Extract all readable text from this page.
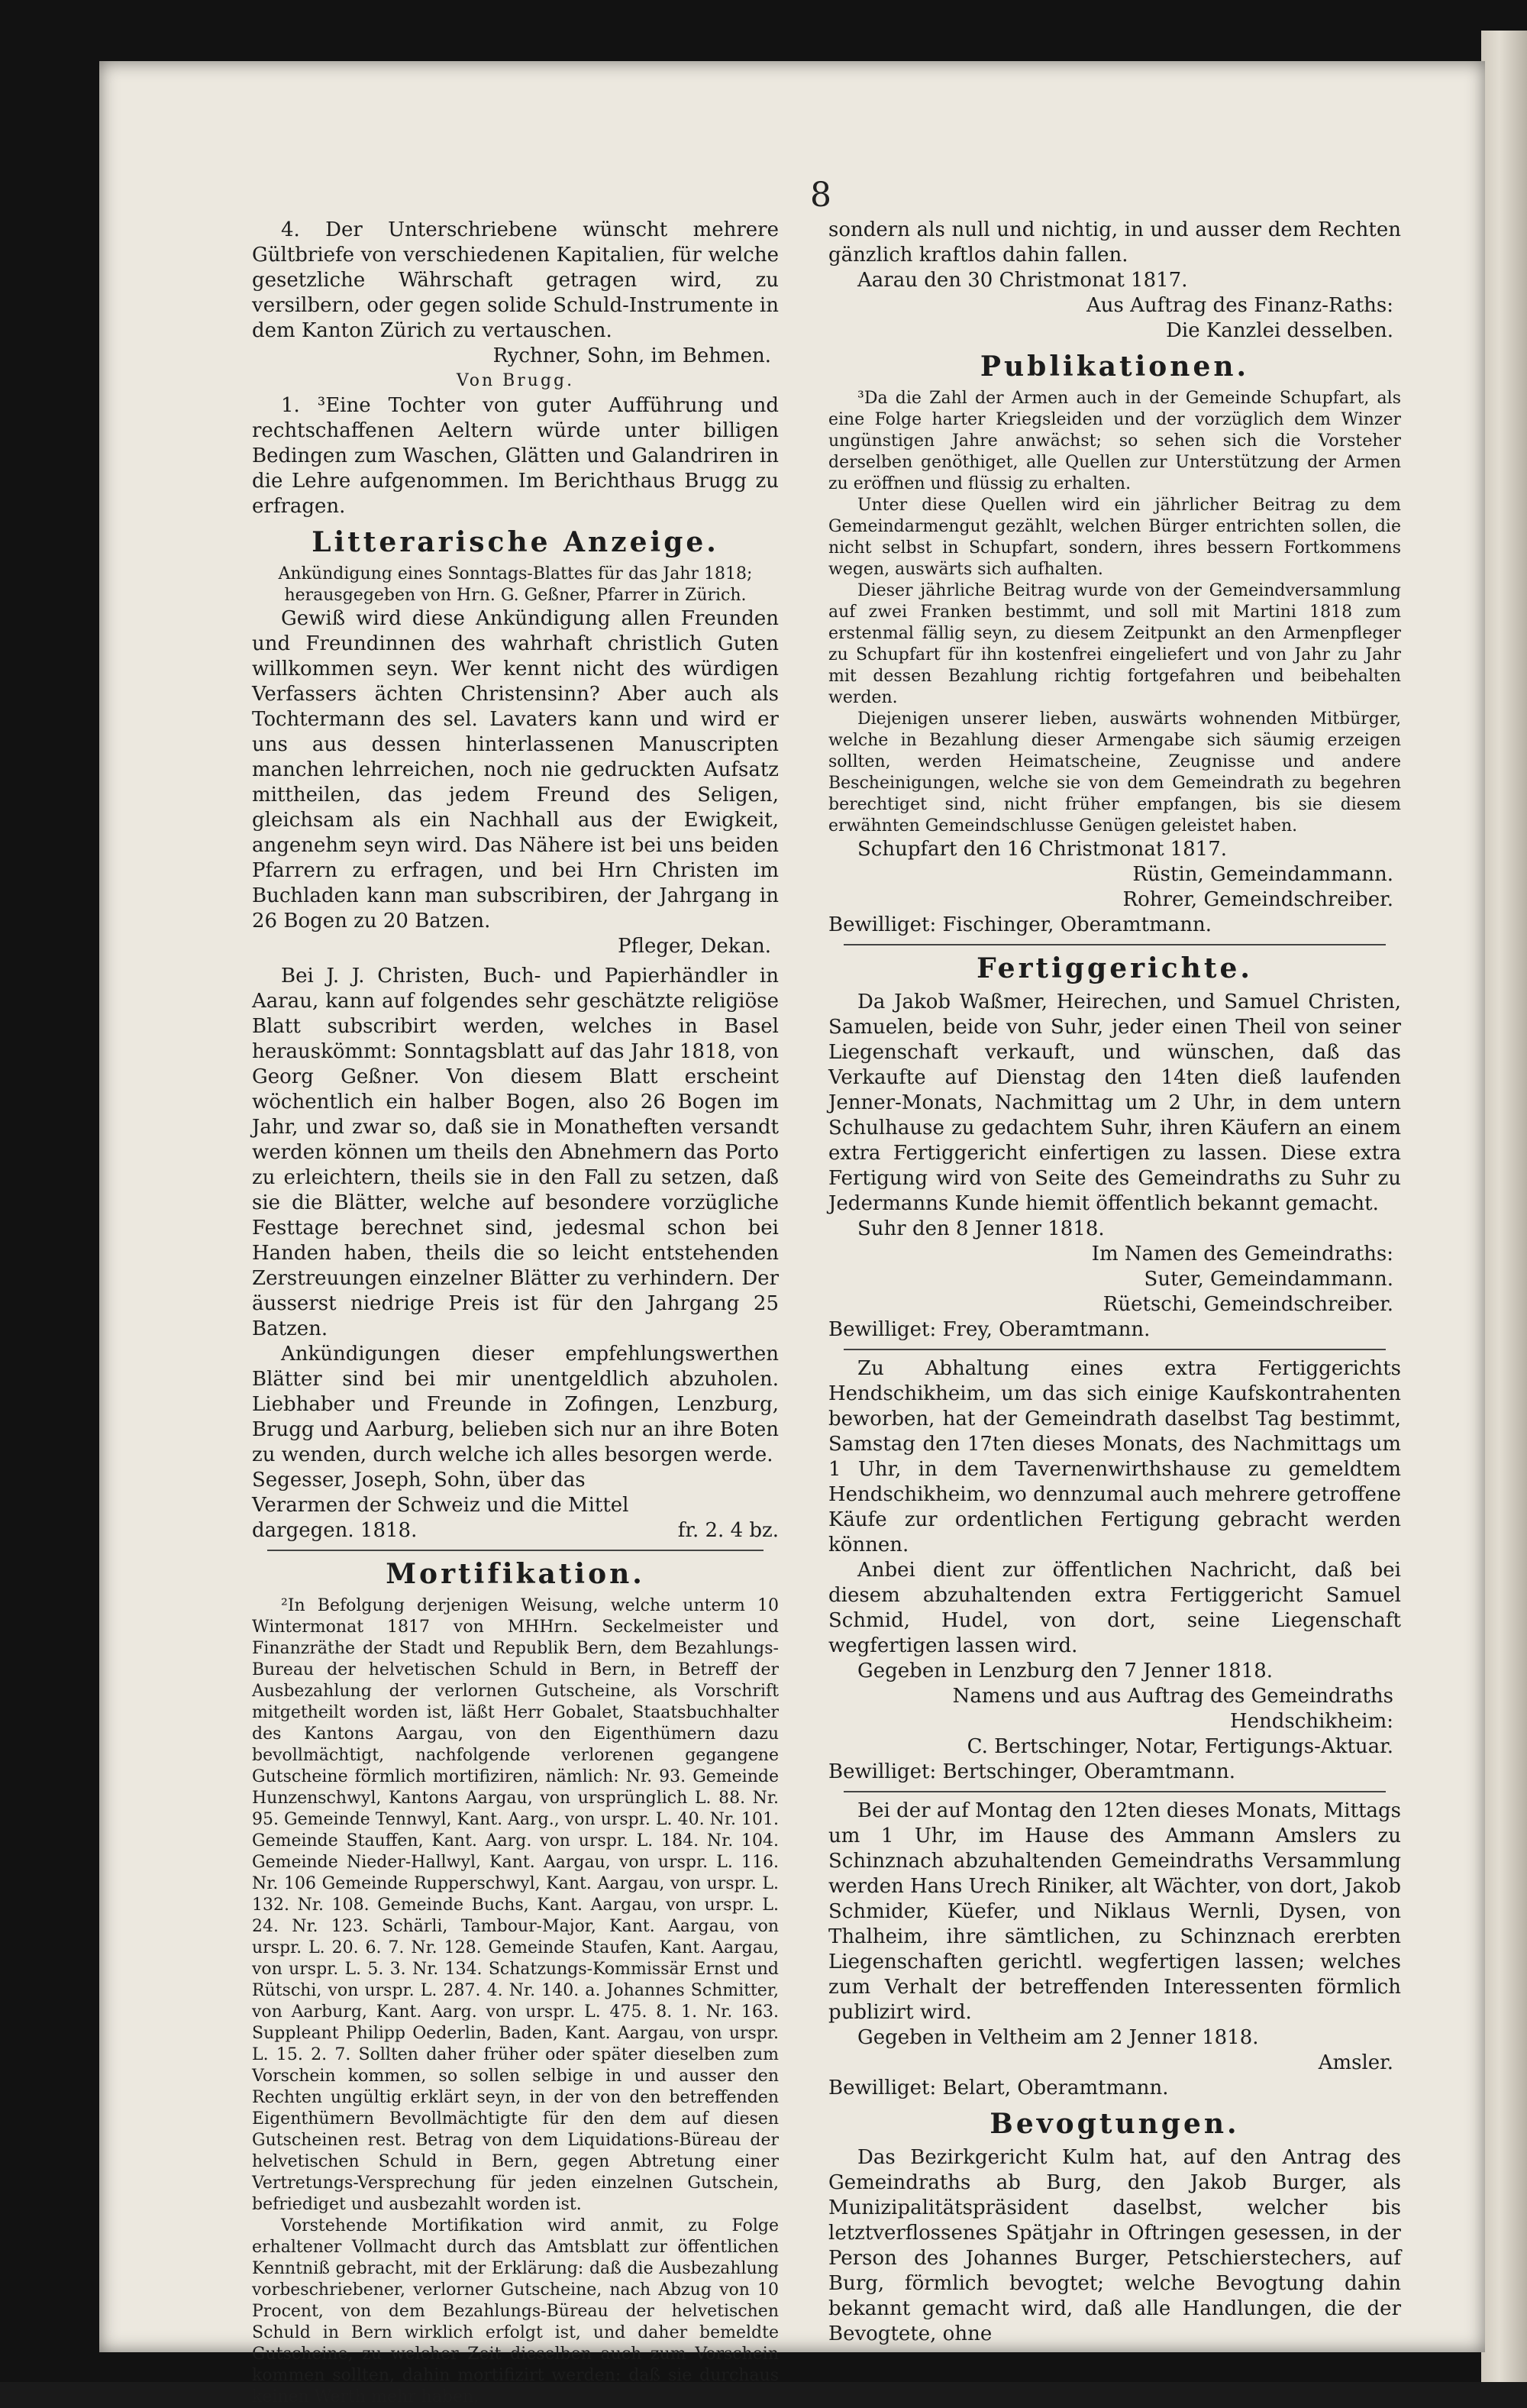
8

4. Der Unterschriebene wünscht mehrere Gültbriefe von verschiedenen Kapitalien, für welche gesetzliche Währschaft getragen wird, zu versilbern, oder gegen solide Schuld-Instrumente in dem Kanton Zürich zu vertauschen.

Rychner, Sohn, im Behmen.

Von Brugg.

1. ³Eine Tochter von guter Aufführung und rechtschaffenen Aeltern würde unter billigen Bedingen zum Waschen, Glätten und Galandriren in die Lehre aufgenommen. Im Berichthaus Brugg zu erfragen.

Litterarische Anzeige.

Ankündigung eines Sonntags-Blattes für das Jahr 1818; herausgegeben von Hrn. G. Geßner, Pfarrer in Zürich.

Gewiß wird diese Ankündigung allen Freunden und Freundinnen des wahrhaft christlich Guten willkommen seyn. Wer kennt nicht des würdigen Verfassers ächten Christensinn? Aber auch als Tochtermann des sel. Lavaters kann und wird er uns aus dessen hinterlassenen Manuscripten manchen lehrreichen, noch nie gedruckten Aufsatz mittheilen, das jedem Freund des Seligen, gleichsam als ein Nachhall aus der Ewigkeit, angenehm seyn wird. Das Nähere ist bei uns beiden Pfarrern zu erfragen, und bei Hrn Christen im Buchladen kann man subscribiren, der Jahrgang in 26 Bogen zu 20 Batzen.

Pfleger, Dekan.

Bei J. J. Christen, Buch- und Papierhändler in Aarau, kann auf folgendes sehr geschätzte religiöse Blatt subscribirt werden, welches in Basel herauskömmt: Sonntagsblatt auf das Jahr 1818, von Georg Geßner. Von diesem Blatt erscheint wöchentlich ein halber Bogen, also 26 Bogen im Jahr, und zwar so, daß sie in Monatheften versandt werden können um theils den Abnehmern das Porto zu erleichtern, theils sie in den Fall zu setzen, daß sie die Blätter, welche auf besondere vorzügliche Festtage berechnet sind, jedesmal schon bei Handen haben, theils die so leicht entstehenden Zerstreuungen einzelner Blätter zu verhindern. Der äusserst niedrige Preis ist für den Jahrgang 25 Batzen.

Ankündigungen dieser empfehlungswerthen Blätter sind bei mir unentgeldlich abzuholen. Liebhaber und Freunde in Zofingen, Lenzburg, Brugg und Aarburg, belieben sich nur an ihre Boten zu wenden, durch welche ich alles besorgen werde.

Segesser, Joseph, Sohn, über das Verarmen der Schweiz und die Mittel dargegen. 1818.	fr. 2. 4 bz.
Mortifikation.

²In Befolgung derjenigen Weisung, welche unterm 10 Wintermonat 1817 von MHHrn. Seckelmeister und Finanzräthe der Stadt und Republik Bern, dem Bezahlungs-Bureau der helvetischen Schuld in Bern, in Betreff der Ausbezahlung der verlornen Gutscheine, als Vorschrift mitgetheilt worden ist, läßt Herr Gobalet, Staatsbuchhalter des Kantons Aargau, von den Eigenthümern dazu bevollmächtigt, nachfolgende verlorenen gegangene Gutscheine förmlich mortifiziren, nämlich: Nr. 93. Gemeinde Hunzenschwyl, Kantons Aargau, von ursprünglich L. 88. Nr. 95. Gemeinde Tennwyl, Kant. Aarg., von urspr. L. 40. Nr. 101. Gemeinde Stauffen, Kant. Aarg. von urspr. L. 184. Nr. 104. Gemeinde Nieder-Hallwyl, Kant. Aargau, von urspr. L. 116. Nr. 106 Gemeinde Rupperschwyl, Kant. Aargau, von urspr. L. 132. Nr. 108. Gemeinde Buchs, Kant. Aargau, von urspr. L. 24. Nr. 123. Schärli, Tambour-Major, Kant. Aargau, von urspr. L. 20. 6. 7. Nr. 128. Gemeinde Staufen, Kant. Aargau, von urspr. L. 5. 3. Nr. 134. Schatzungs-Kommissär Ernst und Rütschi, von urspr. L. 287. 4. Nr. 140. a. Johannes Schmitter, von Aarburg, Kant. Aarg. von urspr. L. 475. 8. 1. Nr. 163. Suppleant Philipp Oederlin, Baden, Kant. Aargau, von urspr. L. 15. 2. 7. Sollten daher früher oder später dieselben zum Vorschein kommen, so sollen selbige in und ausser den Rechten ungültig erklärt seyn, in der von den betreffenden Eigenthümern Bevollmächtigte für den dem auf diesen Gutscheinen rest. Betrag von dem Liquidations-Büreau der helvetischen Schuld in Bern, gegen Abtretung einer Vertretungs-Versprechung für jeden einzelnen Gutschein, befriediget und ausbezahlt worden ist.

Vorstehende Mortifikation wird anmit, zu Folge erhaltener Vollmacht durch das Amtsblatt zur öffentlichen Kenntniß gebracht, mit der Erklärung: daß die Ausbezahlung vorbeschriebener, verlorner Gutscheine, nach Abzug von 10 Procent, von dem Bezahlungs-Büreau der helvetischen Schuld in Bern wirklich erfolgt ist, und daher bemeldte Gutscheine, zu welcher Zeit dieselben auch zum Vorschein kommen sollten, dahin mortifizirt werden: daß sie durchaus keinen Werth mehr haben,

sondern als null und nichtig, in und ausser dem Rechten gänzlich kraftlos dahin fallen.

Aarau den 30 Christmonat 1817.

Aus Auftrag des Finanz-Raths:

Die Kanzlei desselben.

Publikationen.

³Da die Zahl der Armen auch in der Gemeinde Schupfart, als eine Folge harter Kriegsleiden und der vorzüglich dem Winzer ungünstigen Jahre anwächst; so sehen sich die Vorsteher derselben genöthiget, alle Quellen zur Unterstützung der Armen zu eröffnen und flüssig zu erhalten.

Unter diese Quellen wird ein jährlicher Beitrag zu dem Gemeindarmengut gezählt, welchen Bürger entrichten sollen, die nicht selbst in Schupfart, sondern, ihres bessern Fortkommens wegen, auswärts sich aufhalten.

Dieser jährliche Beitrag wurde von der Gemeindversammlung auf zwei Franken bestimmt, und soll mit Martini 1818 zum erstenmal fällig seyn, zu diesem Zeitpunkt an den Armenpfleger zu Schupfart für ihn kostenfrei eingeliefert und von Jahr zu Jahr mit dessen Bezahlung richtig fortgefahren und beibehalten werden.

Diejenigen unserer lieben, auswärts wohnenden Mitbürger, welche in Bezahlung dieser Armengabe sich säumig erzeigen sollten, werden Heimatscheine, Zeugnisse und andere Bescheinigungen, welche sie von dem Gemeindrath zu begehren berechtiget sind, nicht früher empfangen, bis sie diesem erwähnten Gemeindschlusse Genügen geleistet haben.

Schupfart den 16 Christmonat 1817.

Rüstin, Gemeindammann.

Rohrer, Gemeindschreiber.

Bewilliget: Fischinger, Oberamtmann.

Fertiggerichte.

Da Jakob Waßmer, Heirechen, und Samuel Christen, Samuelen, beide von Suhr, jeder einen Theil von seiner Liegenschaft verkauft, und wünschen, daß das Verkaufte auf Dienstag den 14ten dieß laufenden Jenner-Monats, Nachmittag um 2 Uhr, in dem untern Schulhause zu gedachtem Suhr, ihren Käufern an einem extra Fertiggericht einfertigen zu lassen. Diese extra Fertigung wird von Seite des Gemeindraths zu Suhr zu Jedermanns Kunde hiemit öffentlich bekannt gemacht.

Suhr den 8 Jenner 1818.

Im Namen des Gemeindraths:

Suter, Gemeindammann.

Rüetschi, Gemeindschreiber.

Bewilliget: Frey, Oberamtmann.

Zu Abhaltung eines extra Fertiggerichts Hendschikheim, um das sich einige Kaufskontrahenten beworben, hat der Gemeindrath daselbst Tag bestimmt, Samstag den 17ten dieses Monats, des Nachmittags um 1 Uhr, in dem Tavernenwirthshause zu gemeldtem Hendschikheim, wo dennzumal auch mehrere getroffene Käufe zur ordentlichen Fertigung gebracht werden können.

Anbei dient zur öffentlichen Nachricht, daß bei diesem abzuhaltenden extra Fertiggericht Samuel Schmid, Hudel, von dort, seine Liegenschaft wegfertigen lassen wird.

Gegeben in Lenzburg den 7 Jenner 1818.

Namens und aus Auftrag des Gemeindraths

Hendschikheim:

C. Bertschinger, Notar, Fertigungs-Aktuar.

Bewilliget: Bertschinger, Oberamtmann.

Bei der auf Montag den 12ten dieses Monats, Mittags um 1 Uhr, im Hause des Ammann Amslers zu Schinznach abzuhaltenden Gemeindraths Versammlung werden Hans Urech Riniker, alt Wächter, von dort, Jakob Schmider, Küefer, und Niklaus Wernli, Dysen, von Thalheim, ihre sämtlichen, zu Schinznach ererbten Liegenschaften gerichtl. wegfertigen lassen; welches zum Verhalt der betreffenden Interessenten förmlich publizirt wird.

Gegeben in Veltheim am 2 Jenner 1818.

Amsler.

Bewilliget: Belart, Oberamtmann.

Bevogtungen.

Das Bezirkgericht Kulm hat, auf den Antrag des Gemeindraths ab Burg, den Jakob Burger, als Munizipalitätspräsident daselbst, welcher bis letztverflossenes Spätjahr in Oftringen gesessen, in der Person des Johannes Burger, Petschierstechers, auf Burg, förmlich bevogtet; welche Bevogtung dahin bekannt gemacht wird, daß alle Handlungen, die der Bevogtete, ohne
